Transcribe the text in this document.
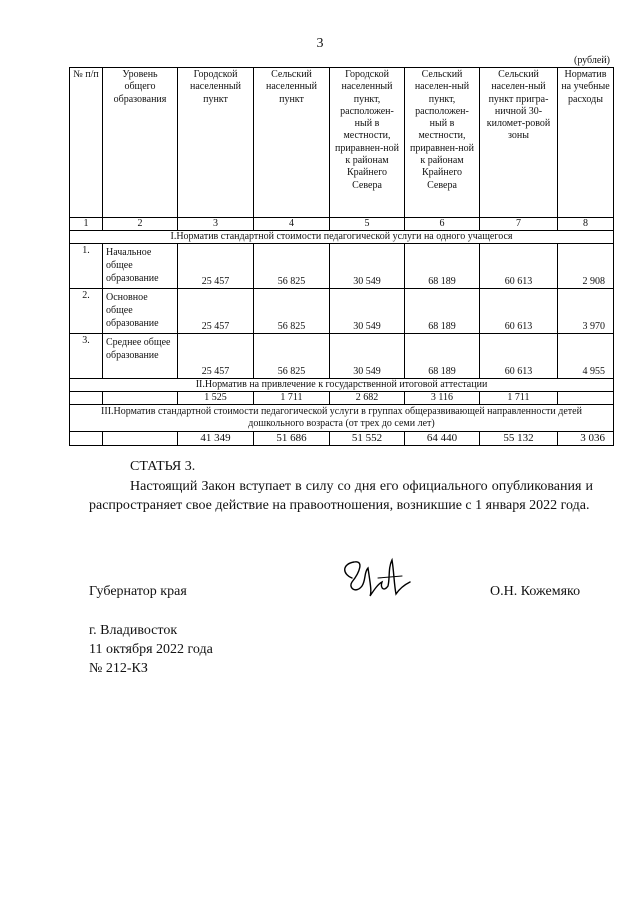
3
(рублей)
№ п/п	Уровень общего образования	Городской населенный пункт	Сельский населенный пункт	Городской населенный пункт, расположен-ный в местности, приравнен-ной к районам Крайнего Севера	Сельский населен-ный пункт, расположен-ный в местности, приравнен-ной к районам Крайнего Севера	Сельский населен-ный пункт пригра-ничной 30-километ-ровой зоны	Норматив на учебные расходы
1	2	3	4	5	6	7	8
I.Норматив стандартной стоимости педагогической услуги на одного учащегося							
1.	Начальное общее образование	25 457	56 825	30 549	68 189	60 613	2 908
2.	Основное общее образование	25 457	56 825	30 549	68 189	60 613	3 970
3.	Среднее общее образование	25 457	56 825	30 549	68 189	60 613	4 955
II.Норматив на привлечение к государственной итоговой аттестации							
		1 525	1 711	2 682	3 116	1 711	
III.Норматив стандартной стоимости педагогической услуги в группах общеразвивающей направленности детей дошкольного возраста (от трех до семи лет)							
		41 349	51 686	51 552	64 440	55 132	3 036
СТАТЬЯ 3.

Настоящий Закон вступает в силу со дня его официального опубликования и распространяет свое действие на правоотношения, возникшие с 1 января 2022 года.

Губернатор края	О.Н. Кожемяко
г. Владивосток
11 октября 2022 года
№ 212-КЗ
